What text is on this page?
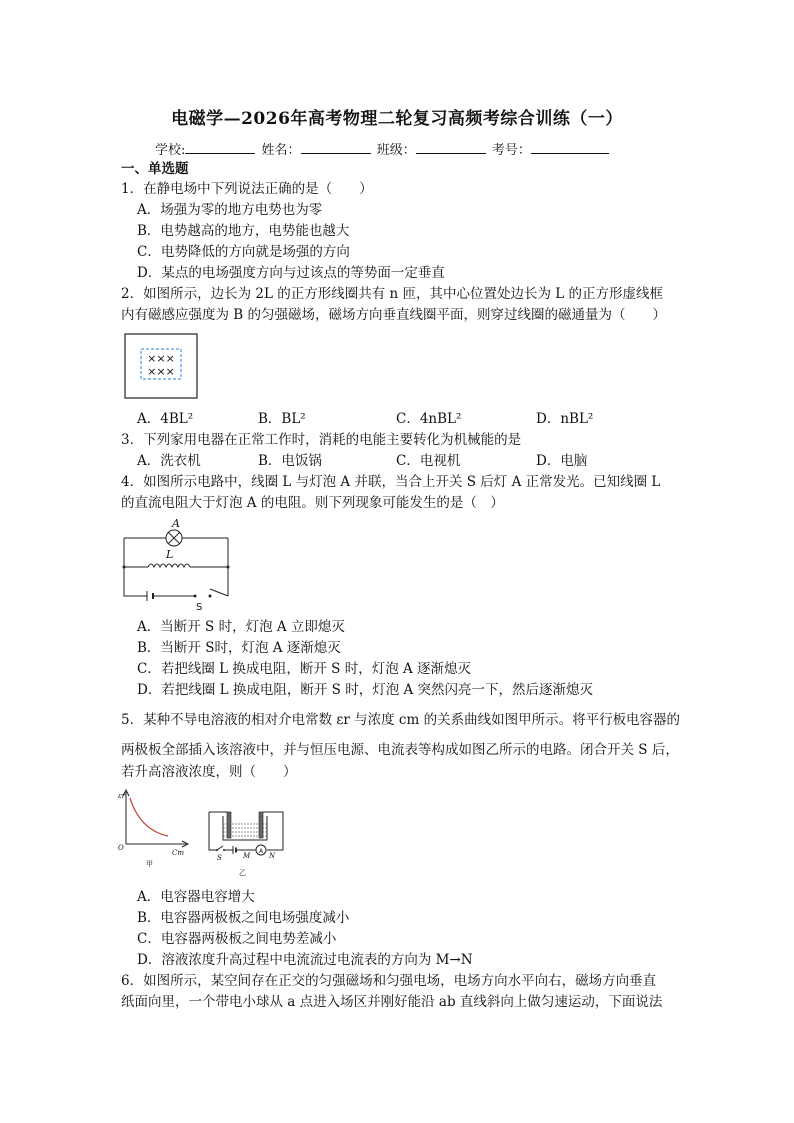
电磁学—2026年高考物理二轮复习高频考综合训练（一）
学校:	姓名：	班级：	考号：
一、单选题
1．在静电场中下列说法正确的是（　　）
A．场强为零的地方电势也为零
B．电势越高的地方，电势能也越大
C．电势降低的方向就是场强的方向
D．某点的电场强度方向与过该点的等势面一定垂直
2．如图所示，边长为 2L 的正方形线圈共有 n 匝，其中心位置处边长为 L 的正方形虚线框
内有磁感应强度为 B 的匀强磁场，磁场方向垂直线圈平面，则穿过线圈的磁通量为（　　）
×××
×××
A．4BL²	B．BL²	C．4nBL²	D．nBL²
3．下列家用电器在正常工作时，消耗的电能主要转化为机械能的是
A．洗衣机	B．电饭锅	C．电视机	D．电脑
4．如图所示电路中，线圈 L 与灯泡 A 并联，当合上开关 S 后灯 A 正常发光。已知线圈 L
的直流电阻大于灯泡 A 的电阻。则下列现象可能发生的是（　）
A
L
S
A．当断开 S 时，灯泡 A 立即熄灭
B．当断开 S时，灯泡 A 逐渐熄灭
C．若把线圈 L 换成电阻，断开 S 时，灯泡 A 逐渐熄灭
D．若把线圈 L 换成电阻，断开 S 时，灯泡 A 突然闪亮一下，然后逐渐熄灭
5．某种不导电溶液的相对介电常数 εr 与浓度 cm 的关系曲线如图甲所示。将平行板电容器的
两极板全部插入该溶液中，并与恒压电源、电流表等构成如图乙所示的电路。闭合开关 S 后，
若升高溶液浓度，则（　　）
εr
O
Cm
甲
A
S	M	N
乙
A．电容器电容增大
B．电容器两极板之间电场强度减小
C．电容器两极板之间电势差减小
D．溶液浓度升高过程中电流流过电流表的方向为 M→N
6．如图所示，某空间存在正交的匀强磁场和匀强电场，电场方向水平向右，磁场方向垂直
纸面向里，一个带电小球从 a 点进入场区并刚好能沿 ab 直线斜向上做匀速运动，下面说法
